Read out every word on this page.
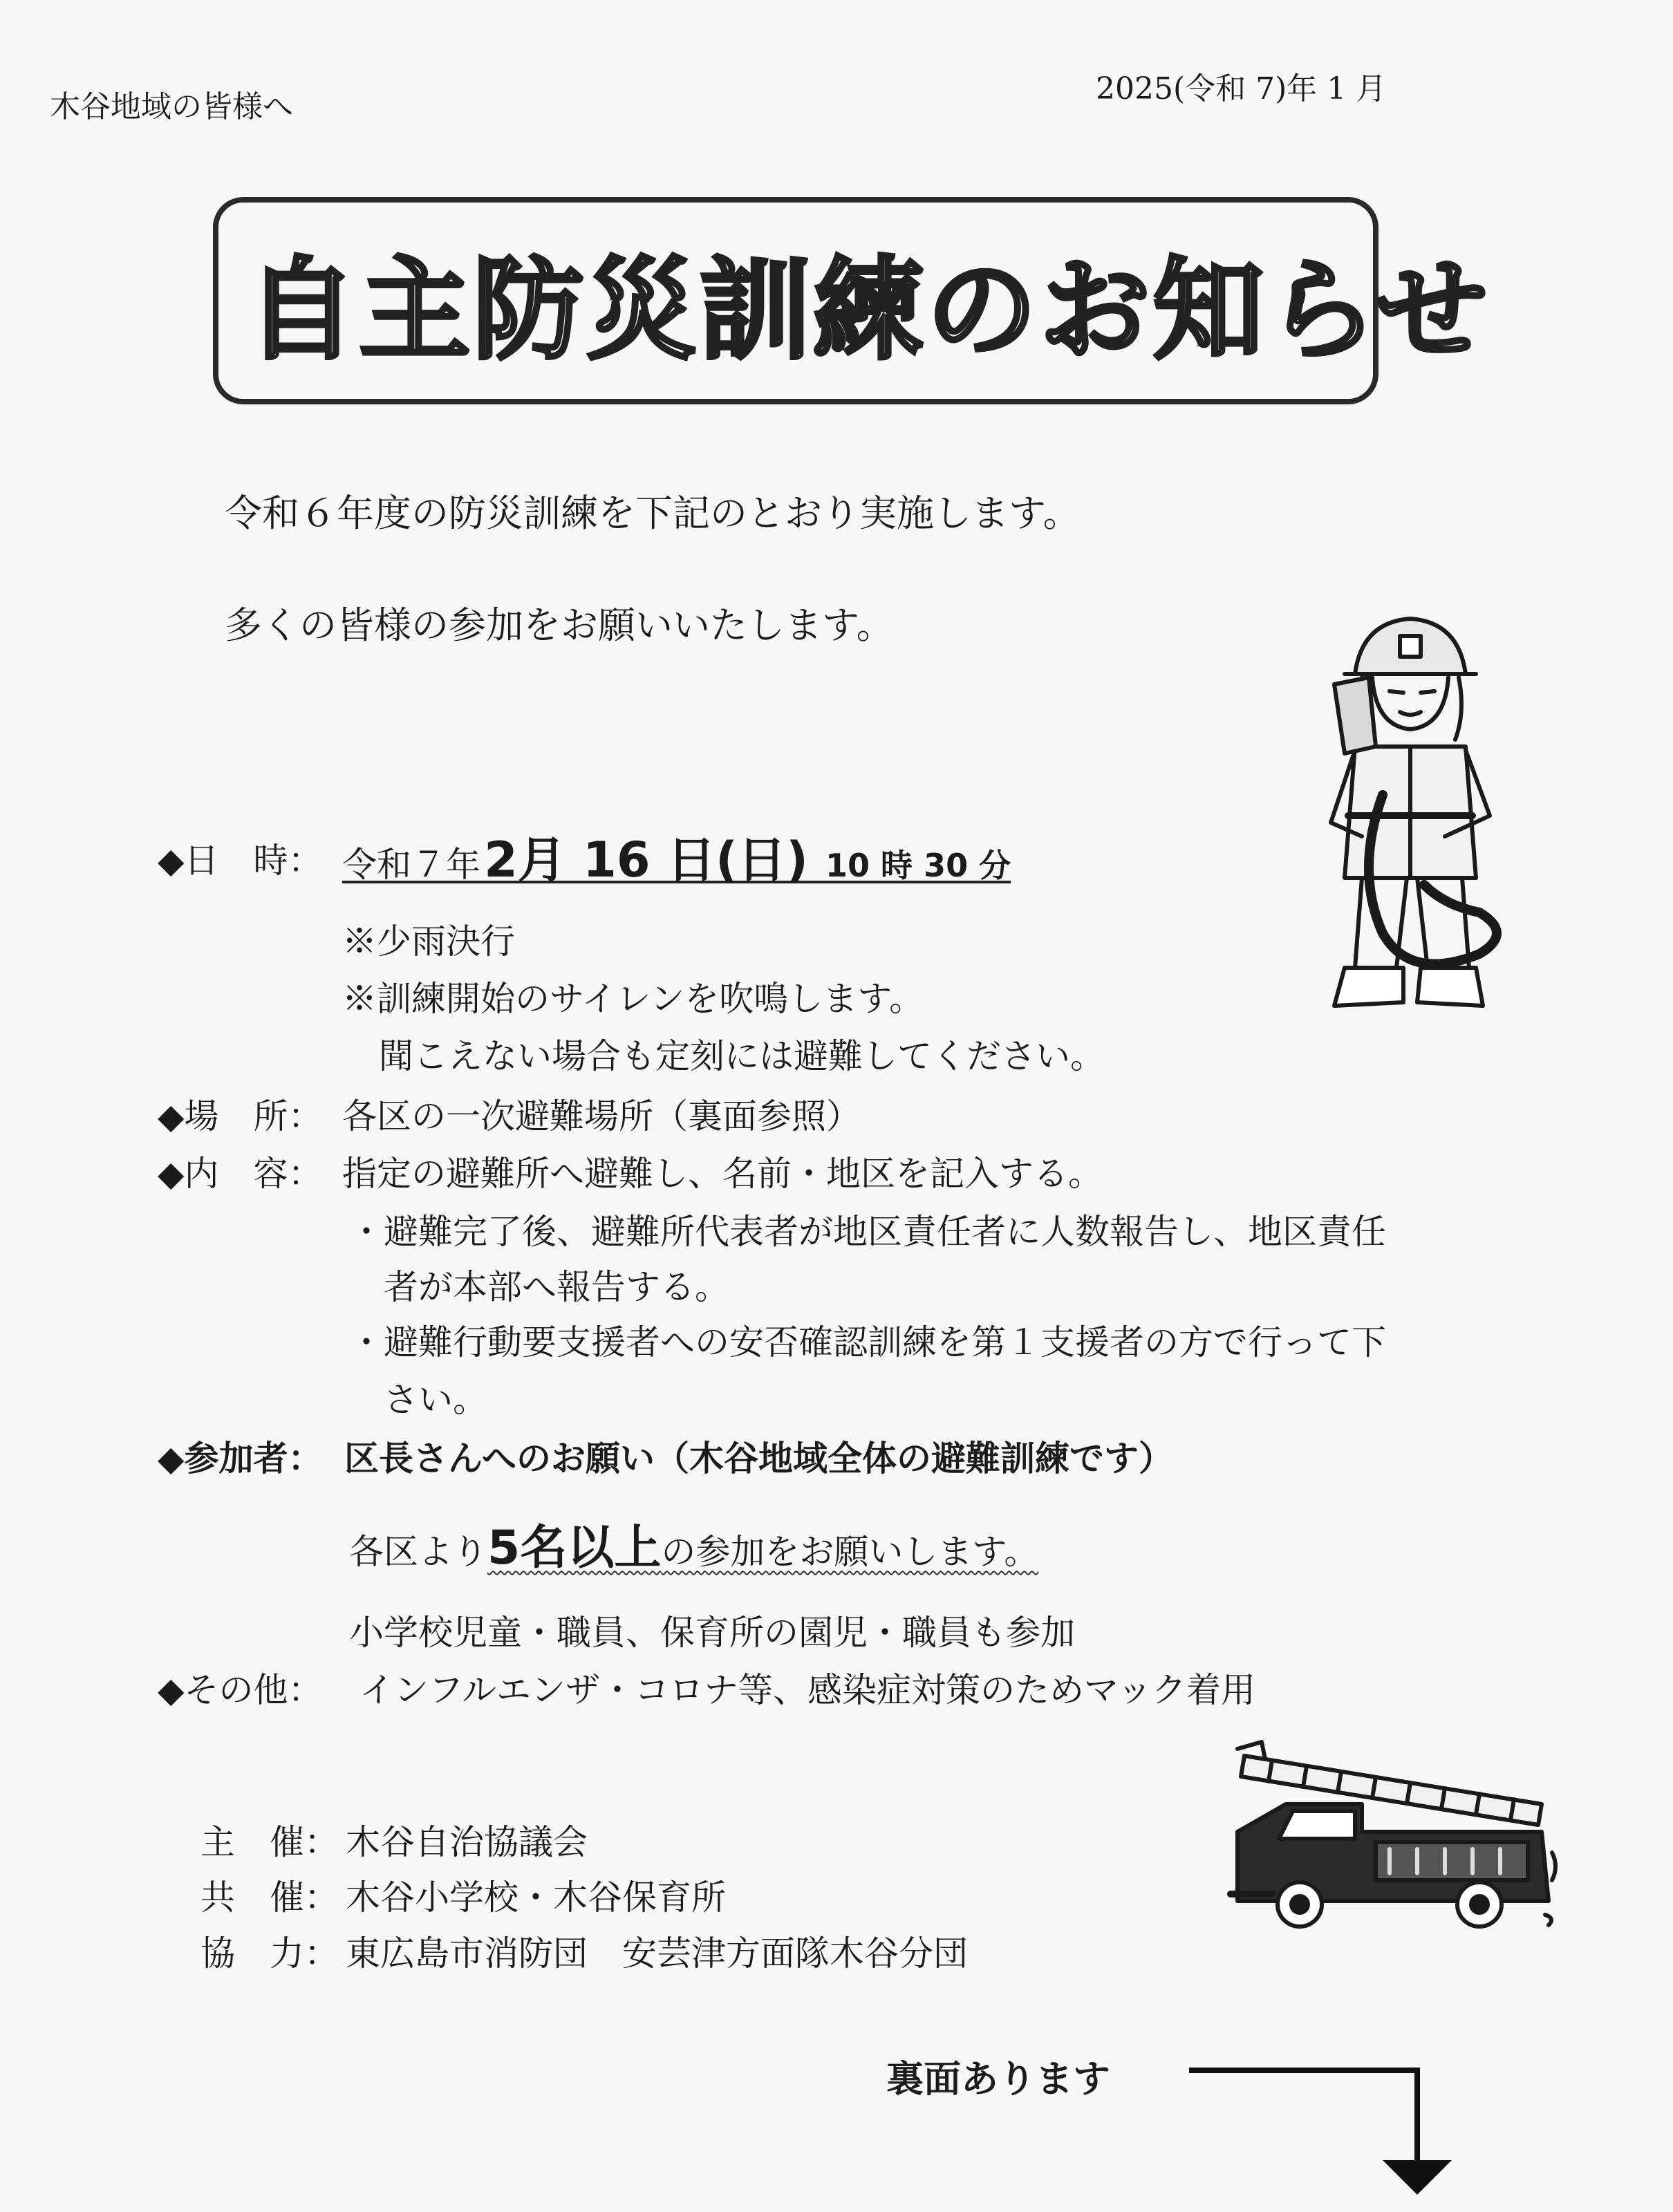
木谷地域の皆様へ
2025(令和 7)年 1 月
自主防災訓練のお知らせ
令和６年度の防災訓練を下記のとおり実施します。
多くの皆様の参加をお願いいたします。
◆日　時： 令和７年 2月 16 日(日) 10 時 30 分
※少雨決行
※訓練開始のサイレンを吹鳴します。
聞こえない場合も定刻には避難してください。
◆場　所： 各区の一次避難場所（裏面参照）
◆内　容： 指定の避難所へ避難し、名前・地区を記入する。
・避難完了後、避難所代表者が地区責任者に人数報告し、地区責任
者が本部へ報告する。
・避難行動要支援者への安否確認訓練を第１支援者の方で行って下
さい。
◆参加者： 区長さんへのお願い（木谷地域全体の避難訓練です）
各区より5名以上の参加をお願いします。
小学校児童・職員、保育所の園児・職員も参加
◆その他： インフルエンザ・コロナ等、感染症対策のためマック着用
主　催： 木谷自治協議会
共　催： 木谷小学校・木谷保育所
協　力： 東広島市消防団　安芸津方面隊木谷分団
裏面あります
